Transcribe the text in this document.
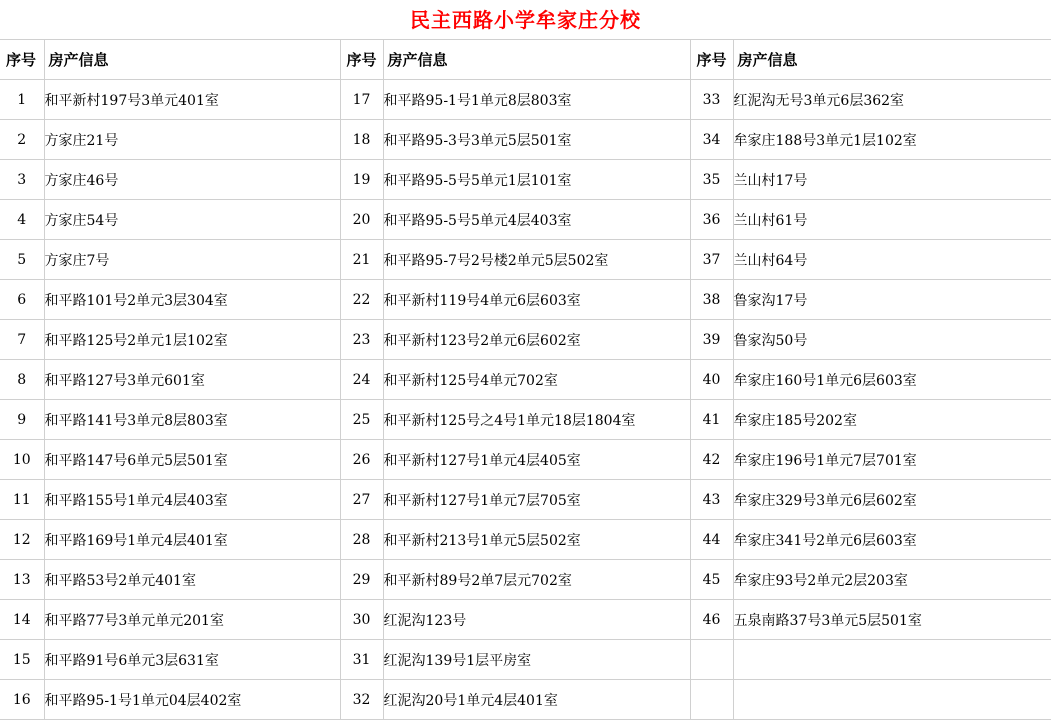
民主西路小学牟家庄分校
序号	房产信息	序号	房产信息	序号	房产信息
1	和平新村197号3单元401室	17	和平路95-1号1单元8层803室	33	红泥沟无号3单元6层362室
2	方家庄21号	18	和平路95-3号3单元5层501室	34	牟家庄188号3单元1层102室
3	方家庄46号	19	和平路95-5号5单元1层101室	35	兰山村17号
4	方家庄54号	20	和平路95-5号5单元4层403室	36	兰山村61号
5	方家庄7号	21	和平路95-7号2号楼2单元5层502室	37	兰山村64号
6	和平路101号2单元3层304室	22	和平新村119号4单元6层603室	38	鲁家沟17号
7	和平路125号2单元1层102室	23	和平新村123号2单元6层602室	39	鲁家沟50号
8	和平路127号3单元601室	24	和平新村125号4单元702室	40	牟家庄160号1单元6层603室
9	和平路141号3单元8层803室	25	和平新村125号之4号1单元18层1804室	41	牟家庄185号202室
10	和平路147号6单元5层501室	26	和平新村127号1单元4层405室	42	牟家庄196号1单元7层701室
11	和平路155号1单元4层403室	27	和平新村127号1单元7层705室	43	牟家庄329号3单元6层602室
12	和平路169号1单元4层401室	28	和平新村213号1单元5层502室	44	牟家庄341号2单元6层603室
13	和平路53号2单元401室	29	和平新村89号2单7层元702室	45	牟家庄93号2单元2层203室
14	和平路77号3单元单元201室	30	红泥沟123号	46	五泉南路37号3单元5层501室
15	和平路91号6单元3层631室	31	红泥沟139号1层平房室		
16	和平路95-1号1单元04层402室	32	红泥沟20号1单元4层401室		
